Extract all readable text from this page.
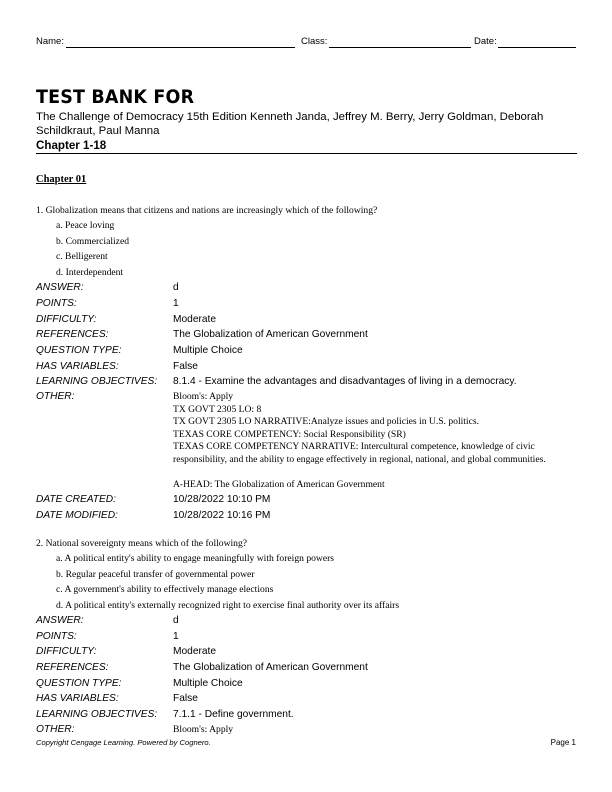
Name:	Class:	Date:
TEST BANK FOR
The Challenge of Democracy 15th Edition Kenneth Janda, Jeffrey M. Berry, Jerry Goldman, Deborah Schildkraut, Paul Manna
Chapter 1-18
Chapter 01
1. Globalization means that citizens and nations are increasingly which of the following?
a. Peace loving
b. Commercialized
c. Belligerent
d. Interdependent
ANSWER:	d
POINTS:	1
DIFFICULTY:	Moderate
REFERENCES:	The Globalization of American Government
QUESTION TYPE:	Multiple Choice
HAS VARIABLES:	False
LEARNING OBJECTIVES: 8.1.4 - Examine the advantages and disadvantages of living in a democracy.
OTHER:	Bloom's: Apply
TX GOVT 2305 LO: 8
TX GOVT 2305 LO NARRATIVE:Analyze issues and policies in U.S. politics.
TEXAS CORE COMPETENCY: Social Responsibility (SR)
TEXAS CORE COMPETENCY NARRATIVE: Intercultural competence, knowledge of civic responsibility, and the ability to engage effectively in regional, national, and global communities.
A-HEAD: The Globalization of American Government
DATE CREATED:	10/28/2022 10:10 PM
DATE MODIFIED:	10/28/2022 10:16 PM
2. National sovereignty means which of the following?
a. A political entity's ability to engage meaningfully with foreign powers
b. Regular peaceful transfer of governmental power
c. A government's ability to effectively manage elections
d. A political entity's externally recognized right to exercise final authority over its affairs
ANSWER:	d
POINTS:	1
DIFFICULTY:	Moderate
REFERENCES:	The Globalization of American Government
QUESTION TYPE:	Multiple Choice
HAS VARIABLES:	False
LEARNING OBJECTIVES: 7.1.1 - Define government.
OTHER:	Bloom's: Apply
Copyright Cengage Learning. Powered by Cognero.	Page 1
